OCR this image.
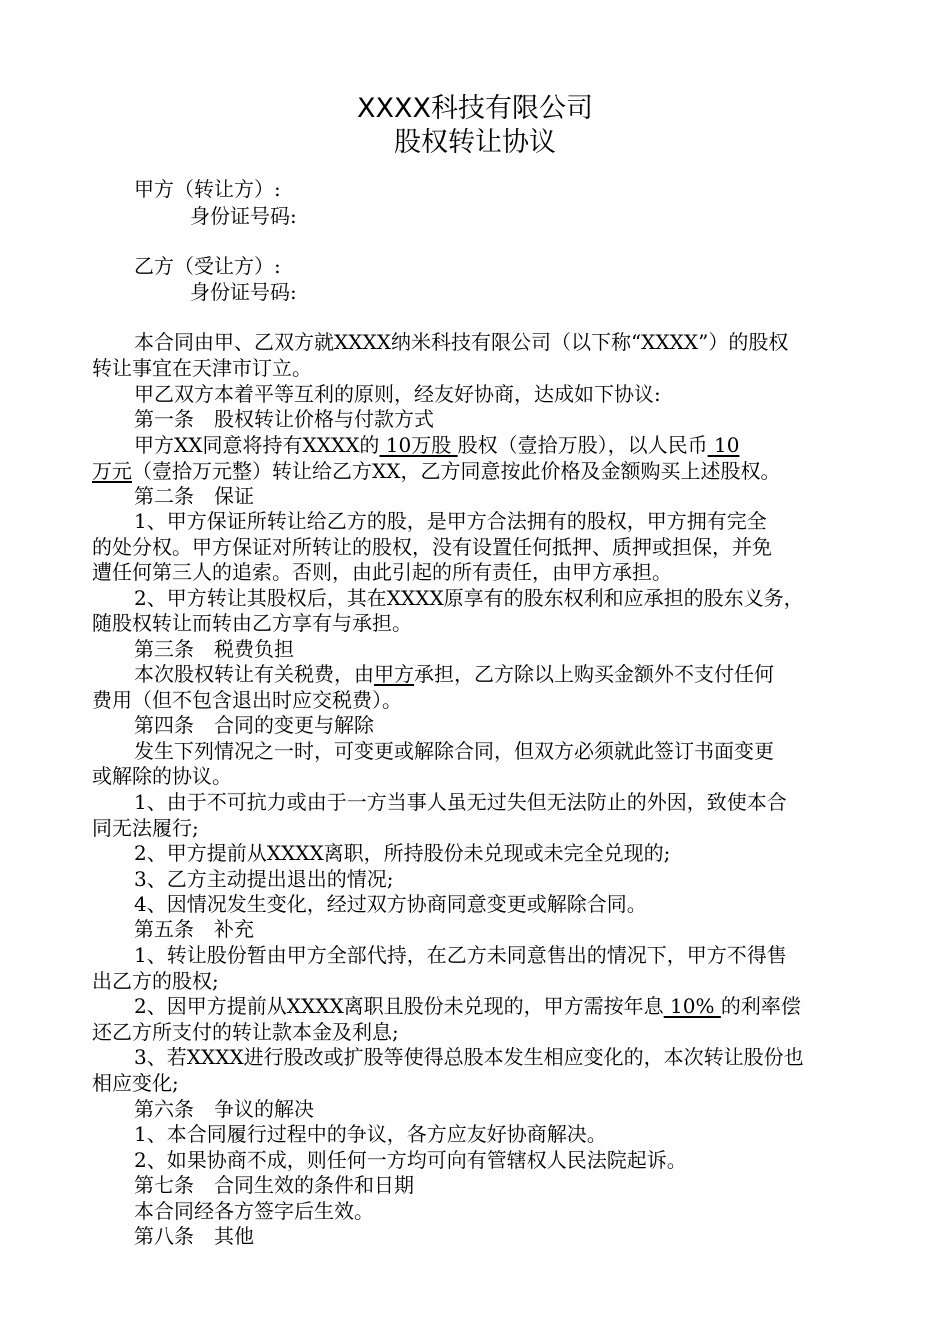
XXXX科技有限公司
股权转让协议
甲方（转让方）:
身份证号码:
乙方（受让方）:
身份证号码:
本合同由甲、乙双方就XXXX纳米科技有限公司（以下称“XXXX”）的股权
转让事宜在天津市订立。
甲乙双方本着平等互利的原则，经友好协商，达成如下协议:
第一条　股权转让价格与付款方式
甲方XX同意将持有XXXX的 10万股 股权（壹拾万股），以人民币 10
万元（壹拾万元整）转让给乙方XX，乙方同意按此价格及金额购买上述股权。
第二条　保证
1、甲方保证所转让给乙方的股，是甲方合法拥有的股权，甲方拥有完全
的处分权。甲方保证对所转让的股权，没有设置任何抵押、质押或担保，并免
遭任何第三人的追索。否则，由此引起的所有责任，由甲方承担。
2、甲方转让其股权后，其在XXXX原享有的股东权利和应承担的股东义务，
随股权转让而转由乙方享有与承担。
第三条　税费负担
本次股权转让有关税费，由甲方承担，乙方除以上购买金额外不支付任何
费用（但不包含退出时应交税费）。
第四条　合同的变更与解除
发生下列情况之一时，可变更或解除合同，但双方必须就此签订书面变更
或解除的协议。
1、由于不可抗力或由于一方当事人虽无过失但无法防止的外因，致使本合
同无法履行;
2、甲方提前从XXXX离职，所持股份未兑现或未完全兑现的;
3、乙方主动提出退出的情况;
4、因情况发生变化，经过双方协商同意变更或解除合同。
第五条　补充
1、转让股份暂由甲方全部代持，在乙方未同意售出的情况下，甲方不得售
出乙方的股权;
2、因甲方提前从XXXX离职且股份未兑现的，甲方需按年息 10% 的利率偿
还乙方所支付的转让款本金及利息;
3、若XXXX进行股改或扩股等使得总股本发生相应变化的，本次转让股份也
相应变化;
第六条　争议的解决
1、本合同履行过程中的争议，各方应友好协商解决。
2、如果协商不成，则任何一方均可向有管辖权人民法院起诉。
第七条　合同生效的条件和日期
本合同经各方签字后生效。
第八条　其他
